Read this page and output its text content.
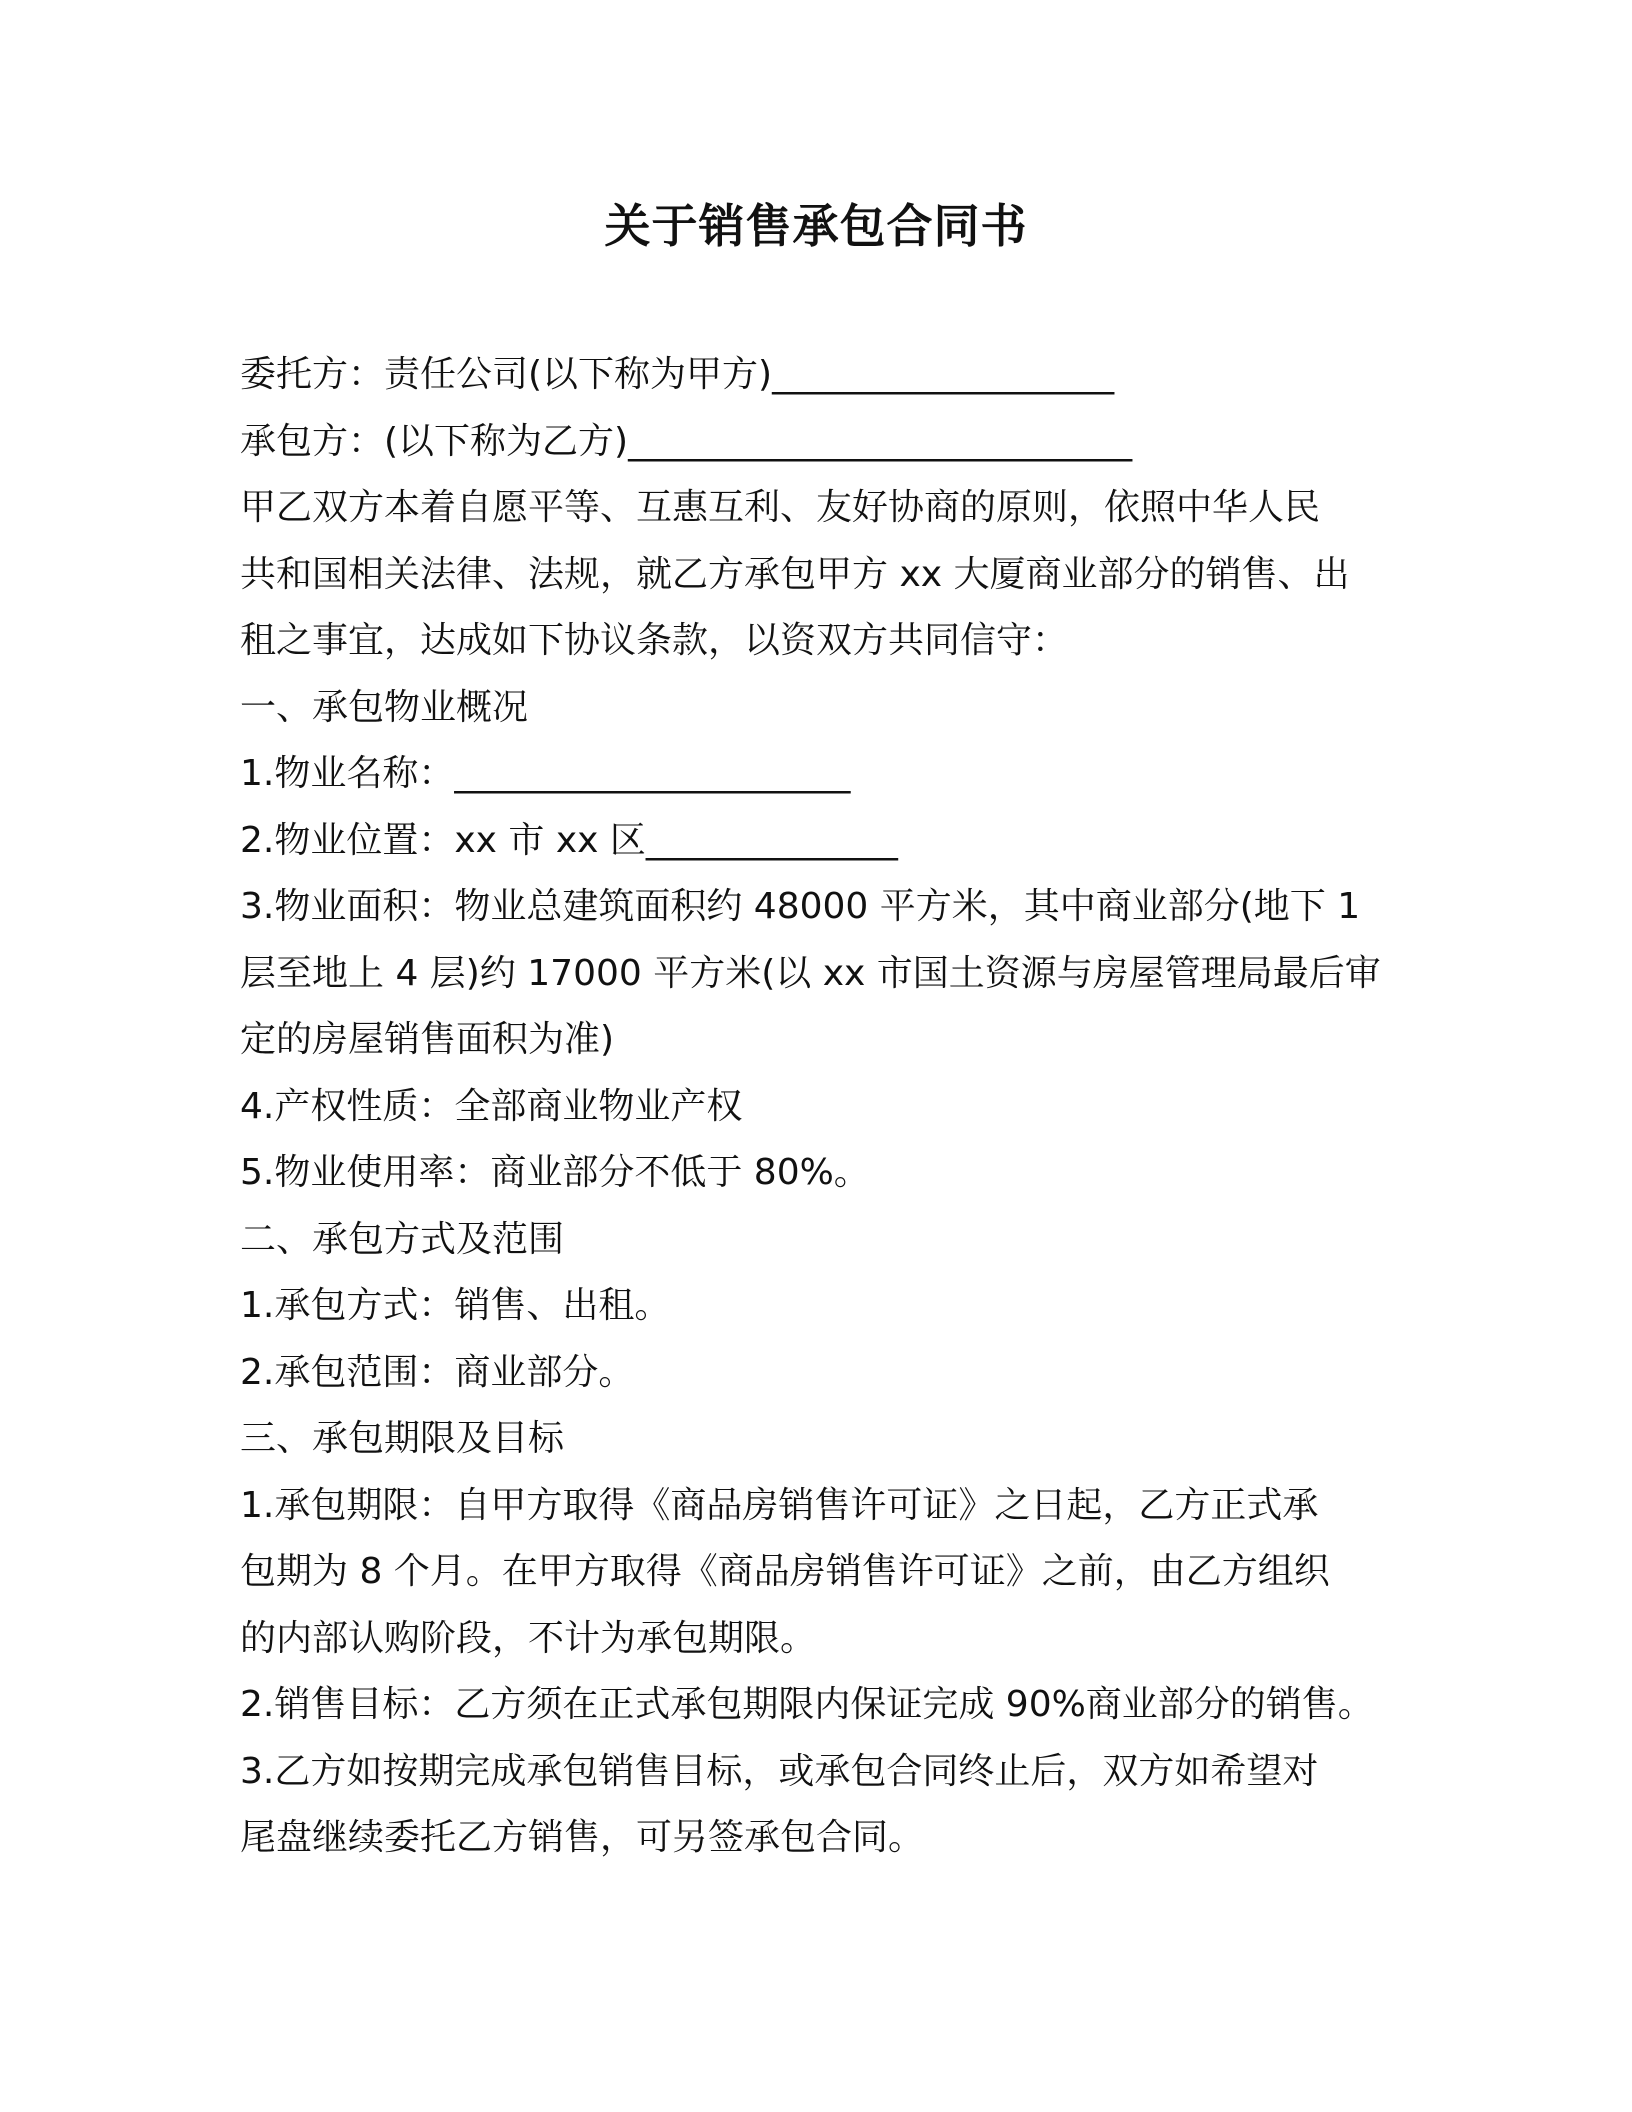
关于销售承包合同书

委托方：责任公司(以下称为甲方)___________________

承包方：(以下称为乙方)____________________________

甲乙双方本着自愿平等、互惠互利、友好协商的原则，依照中华人民

共和国相关法律、法规，就乙方承包甲方 xx 大厦商业部分的销售、出

租之事宜，达成如下协议条款，以资双方共同信守：

一、承包物业概况

1.物业名称：______________________

2.物业位置：xx 市 xx 区______________

3.物业面积：物业总建筑面积约 48000 平方米，其中商业部分(地下 1

层至地上 4 层)约 17000 平方米(以 xx 市国土资源与房屋管理局最后审

定的房屋销售面积为准)

4.产权性质：全部商业物业产权

5.物业使用率：商业部分不低于 80%。

二、承包方式及范围

1.承包方式：销售、出租。

2.承包范围：商业部分。

三、承包期限及目标

1.承包期限：自甲方取得《商品房销售许可证》之日起，乙方正式承

包期为 8 个月。在甲方取得《商品房销售许可证》之前，由乙方组织

的内部认购阶段，不计为承包期限。

2.销售目标：乙方须在正式承包期限内保证完成 90%商业部分的销售。

3.乙方如按期完成承包销售目标，或承包合同终止后，双方如希望对

尾盘继续委托乙方销售，可另签承包合同。
